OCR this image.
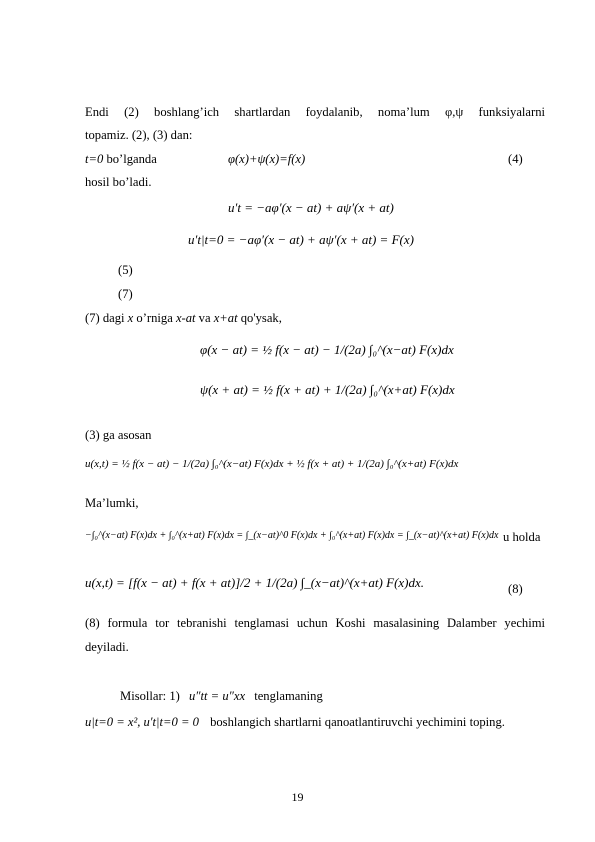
Endi (2) boshlang’ich shartlardan foydalanib, noma’lum φ,ψ funksiyalarni
topamiz. (2), (3) dan:
t=0 bo’lganda	φ(x)+ψ(x)=f(x)	(4)
hosil bo’ladi.
u′t = −aφ′(x − at) + aψ′(x + at)
u′t|t=0 = −aφ′(x − at) + aψ′(x + at) = F(x)
(5)
(7)
(7) dagi x o’rniga x-at va x+at qo'ysak,
φ(x − at) = ½ f(x − at) − 1/(2a) ∫₀^(x−at) F(x)dx
ψ(x + at) = ½ f(x + at) + 1/(2a) ∫₀^(x+at) F(x)dx
(3) ga asosan
u(x,t) = ½ f(x − at) − 1/(2a) ∫₀^(x−at) F(x)dx + ½ f(x + at) + 1/(2a) ∫₀^(x+at) F(x)dx
Ma’lumki,
−∫₀^(x−at) F(x)dx + ∫₀^(x+at) F(x)dx = ∫_(x−at)^0 F(x)dx + ∫₀^(x+at) F(x)dx = ∫_(x−at)^(x+at) F(x)dx u holda
u(x,t) = [f(x − at) + f(x + at)]/2 + 1/(2a) ∫_(x−at)^(x+at) F(x)dx.	(8)
(8) formula tor tebranishi tenglamasi uchun Koshi masalasining Dalamber yechimi
deyiladi.
Misollar: 1) u″tt = u″xx tenglamaning
u|t=0 = x², u′t|t=0 = 0 boshlangich shartlarni qanoatlantiruvchi yechimini toping.
19
